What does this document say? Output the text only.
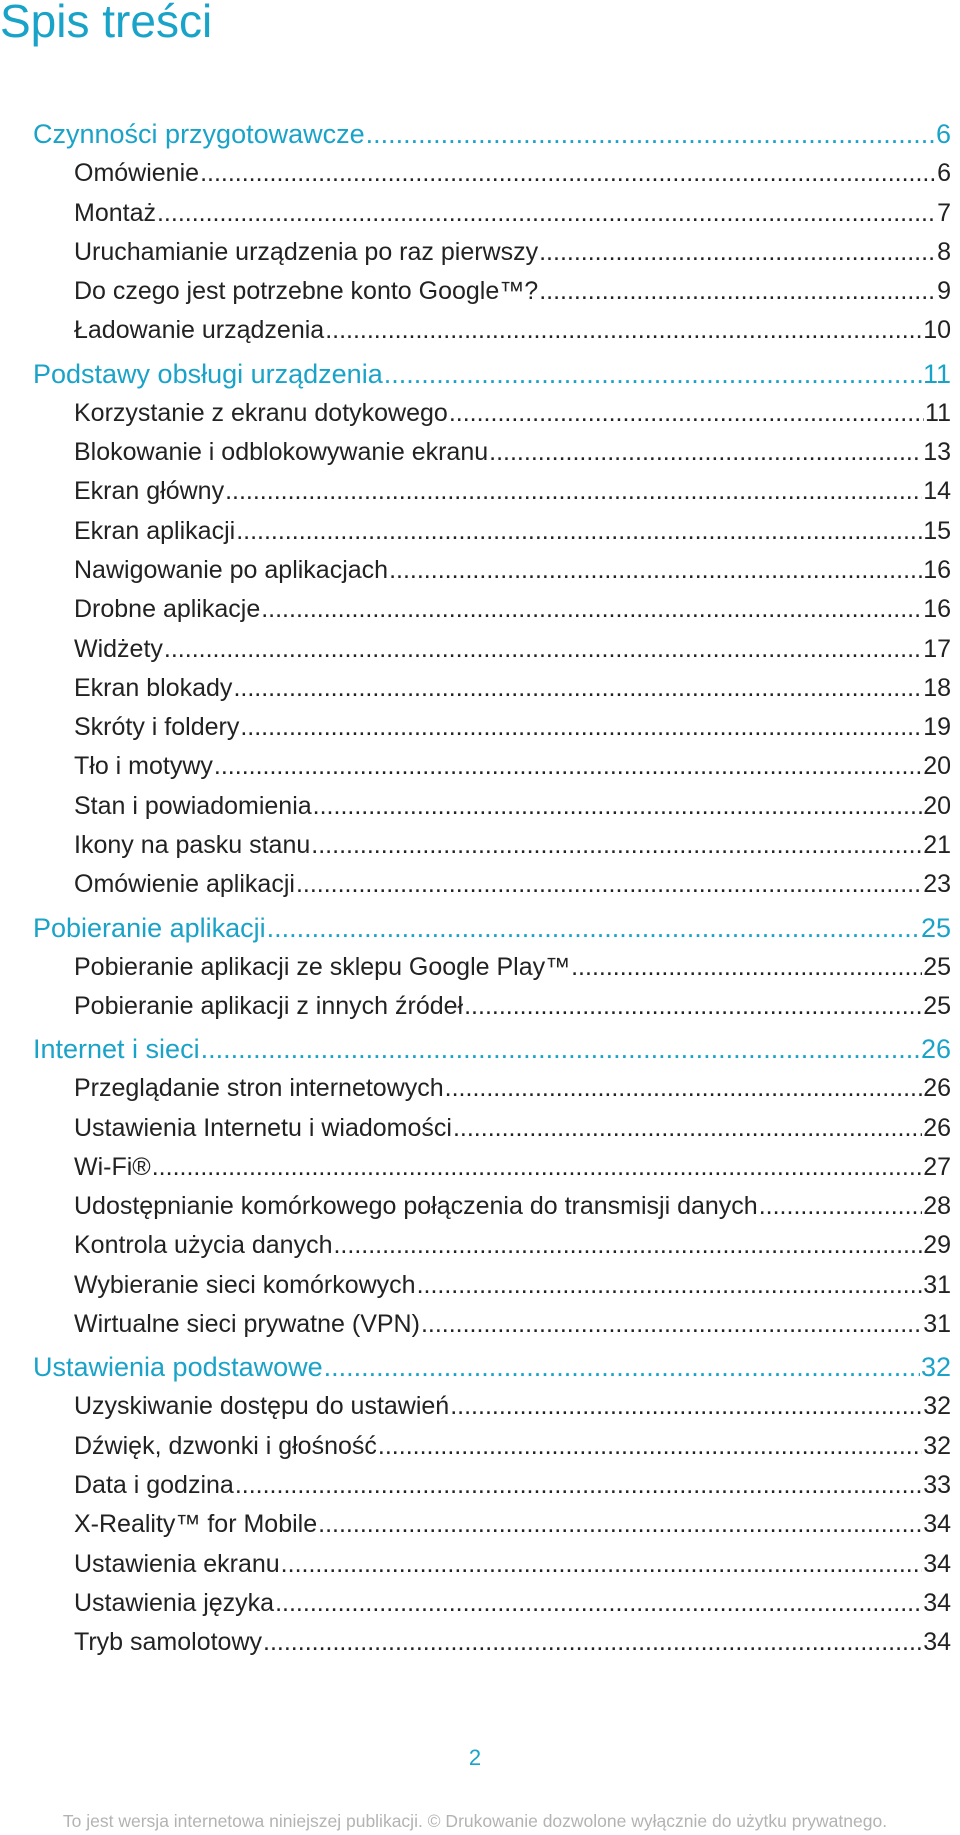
Spis treści
Czynności przygotowawcze .....	6
Omówienie .....	6
Montaż .....	7
Uruchamianie urządzenia po raz pierwszy .....	8
Do czego jest potrzebne konto Google™? .....	9
Ładowanie urządzenia .....	10
Podstawy obsługi urządzenia .....	11
Korzystanie z ekranu dotykowego .....	11
Blokowanie i odblokowywanie ekranu .....	13
Ekran główny .....	14
Ekran aplikacji .....	15
Nawigowanie po aplikacjach .....	16
Drobne aplikacje .....	16
Widżety .....	17
Ekran blokady .....	18
Skróty i foldery .....	19
Tło i motywy .....	20
Stan i powiadomienia .....	20
Ikony na pasku stanu .....	21
Omówienie aplikacji .....	23
Pobieranie aplikacji .....	25
Pobieranie aplikacji ze sklepu Google Play™ .....	25
Pobieranie aplikacji z innych źródeł .....	25
Internet i sieci .....	26
Przeglądanie stron internetowych .....	26
Ustawienia Internetu i wiadomości .....	26
Wi-Fi® .....	27
Udostępnianie komórkowego połączenia do transmisji danych .....	28
Kontrola użycia danych .....	29
Wybieranie sieci komórkowych .....	31
Wirtualne sieci prywatne (VPN) .....	31
Ustawienia podstawowe .....	32
Uzyskiwanie dostępu do ustawień .....	32
Dźwięk, dzwonki i głośność .....	32
Data i godzina .....	33
X-Reality™ for Mobile .....	34
Ustawienia ekranu .....	34
Ustawienia języka .....	34
Tryb samolotowy .....	34
2
To jest wersja internetowa niniejszej publikacji. © Drukowanie dozwolone wyłącznie do użytku prywatnego.
